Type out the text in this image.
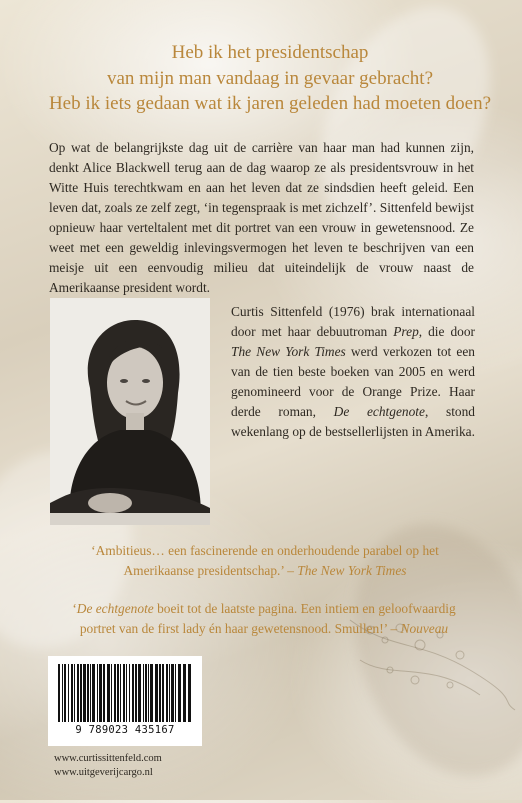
Heb ik het presidentschap
van mijn man vandaag in gevaar gebracht?
Heb ik iets gedaan wat ik jaren geleden had moeten doen?

Op wat de belangrijkste dag uit de carrière van haar man had kunnen zijn, denkt Alice Blackwell terug aan de dag waarop ze als presidentsvrouw in het Witte Huis terechtkwam en aan het leven dat ze sindsdien heeft geleid. Een leven dat, zoals ze zelf zegt, ‘in tegenspraak is met zichzelf’. Sittenfeld bewijst opnieuw haar verteltalent met dit portret van een vrouw in gewetensnood. Ze weet met een geweldig inlevingsvermogen het leven te beschrijven van een meisje uit een eenvoudig milieu dat uiteindelijk de vrouw naast de Amerikaanse president wordt.

Curtis Sittenfeld (1976) brak internationaal door met haar debuutroman Prep, die door The New York Times werd verkozen tot een van de tien beste boeken van 2005 en werd genomineerd voor de Orange Prize. Haar derde roman, De echtgenote, stond wekenlang op de bestsellerlijsten in Amerika.

‘Ambitieus… een fascinerende en onderhoudende parabel op het
Amerikaanse presidentschap.’ – The New York Times
‘De echtgenote boeit tot de laatste pagina. Een intiem en geloofwaardig
portret van de first lady én haar gewetensnood. Smullen!’ – Nouveau
9 789023 435167
www.curtissittenfeld.com
www.uitgeverijcargo.nl
